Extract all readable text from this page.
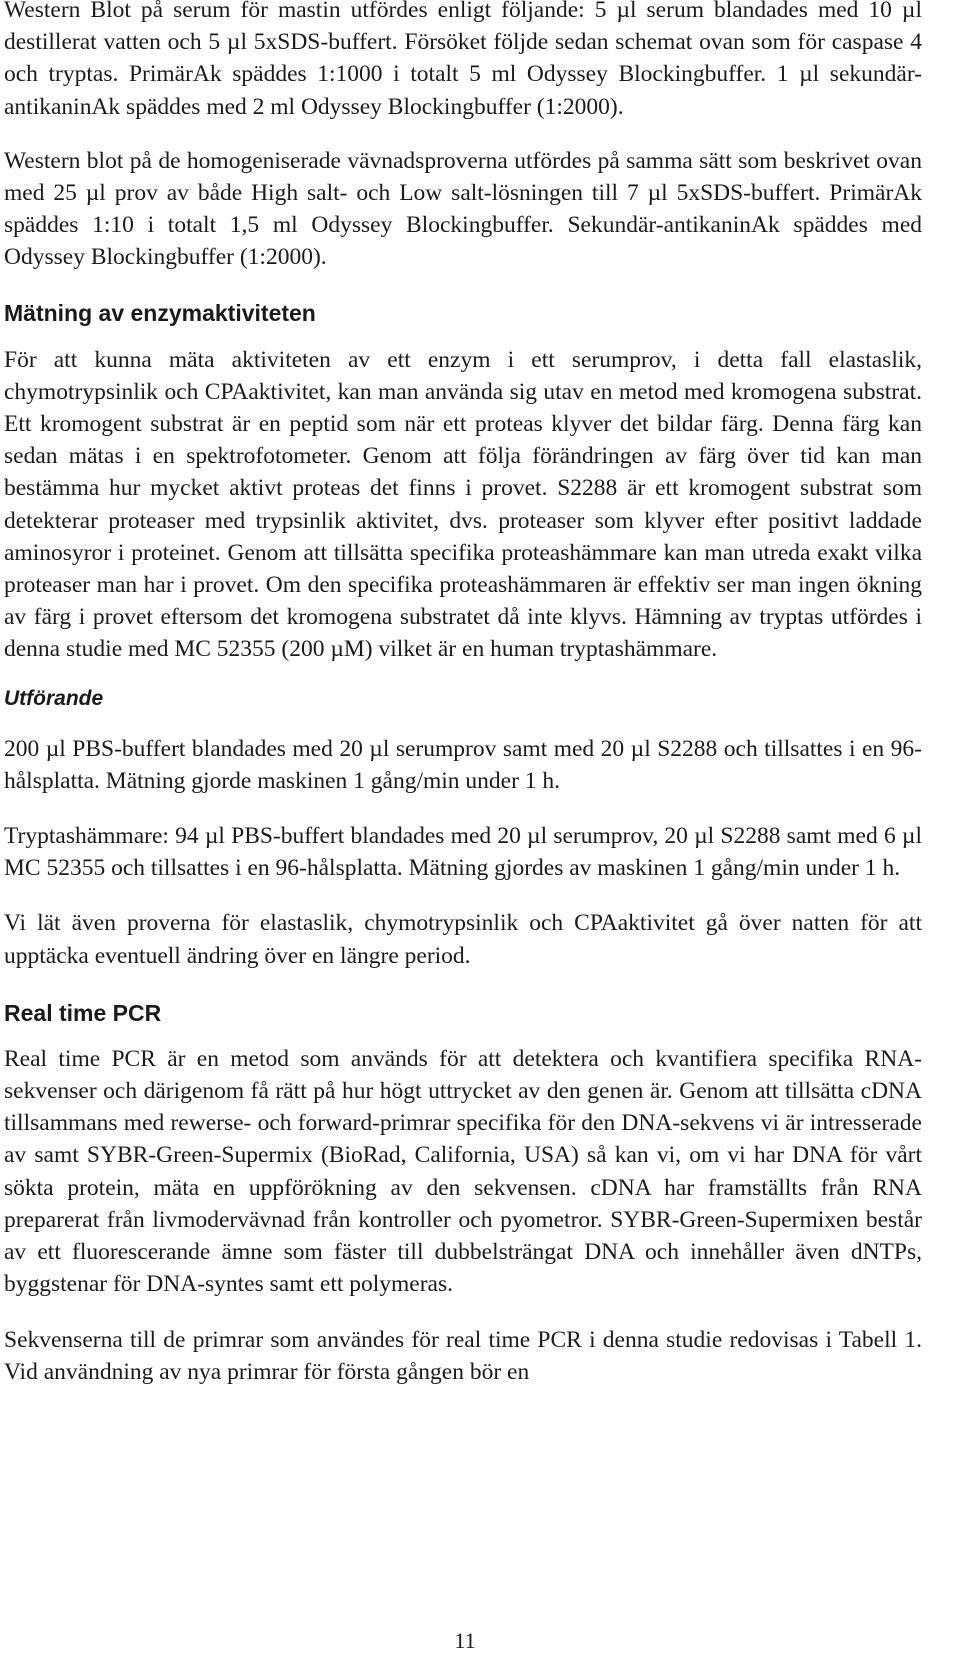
Western Blot på serum för mastin utfördes enligt följande: 5 µl serum blandades med 10 µl destillerat vatten och 5 µl 5xSDS-buffert. Försöket följde sedan schemat ovan som för caspase 4 och tryptas. PrimärAk späddes 1:1000 i totalt 5 ml Odyssey Blockingbuffer. 1 µl sekundär-antikaninAk späddes med 2 ml Odyssey Blockingbuffer (1:2000).

Western blot på de homogeniserade vävnadsproverna utfördes på samma sätt som beskrivet ovan med 25 µl prov av både High salt- och Low salt-lösningen till 7 µl 5xSDS-buffert. PrimärAk späddes 1:10 i totalt 1,5 ml Odyssey Blockingbuffer. Sekundär-antikaninAk späddes med Odyssey Blockingbuffer (1:2000).

Mätning av enzymaktiviteten

För att kunna mäta aktiviteten av ett enzym i ett serumprov, i detta fall elastaslik, chymotrypsinlik och CPAaktivitet, kan man använda sig utav en metod med kromogena substrat. Ett kromogent substrat är en peptid som när ett proteas klyver det bildar färg. Denna färg kan sedan mätas i en spektrofotometer. Genom att följa förändringen av färg över tid kan man bestämma hur mycket aktivt proteas det finns i provet. S2288 är ett kromogent substrat som detekterar proteaser med trypsinlik aktivitet, dvs. proteaser som klyver efter positivt laddade aminosyror i proteinet. Genom att tillsätta specifika proteashämmare kan man utreda exakt vilka proteaser man har i provet. Om den specifika proteashämmaren är effektiv ser man ingen ökning av färg i provet eftersom det kromogena substratet då inte klyvs. Hämning av tryptas utfördes i denna studie med MC 52355 (200 µM) vilket är en human tryptashämmare.

Utförande

200 µl PBS-buffert blandades med 20 µl serumprov samt med 20 µl S2288 och tillsattes i en 96-hålsplatta. Mätning gjorde maskinen 1 gång/min under 1 h.

Tryptashämmare: 94 µl PBS-buffert blandades med 20 µl serumprov, 20 µl S2288 samt med 6 µl MC 52355 och tillsattes i en 96-hålsplatta. Mätning gjordes av maskinen 1 gång/min under 1 h.

Vi lät även proverna för elastaslik, chymotrypsinlik och CPAaktivitet gå över natten för att upptäcka eventuell ändring över en längre period.

Real time PCR

Real time PCR är en metod som används för att detektera och kvantifiera specifika RNA-sekvenser och därigenom få rätt på hur högt uttrycket av den genen är. Genom att tillsätta cDNA tillsammans med rewerse- och forward-primrar specifika för den DNA-sekvens vi är intresserade av samt SYBR-Green-Supermix (BioRad, California, USA) så kan vi, om vi har DNA för vårt sökta protein, mäta en uppförökning av den sekvensen. cDNA har framställts från RNA preparerat från livmodervävnad från kontroller och pyometror. SYBR-Green-Supermixen består av ett fluorescerande ämne som fäster till dubbelsträngat DNA och innehåller även dNTPs, byggstenar för DNA-syntes samt ett polymeras.

Sekvenserna till de primrar som användes för real time PCR i denna studie redovisas i Tabell 1. Vid användning av nya primrar för första gången bör en

11
